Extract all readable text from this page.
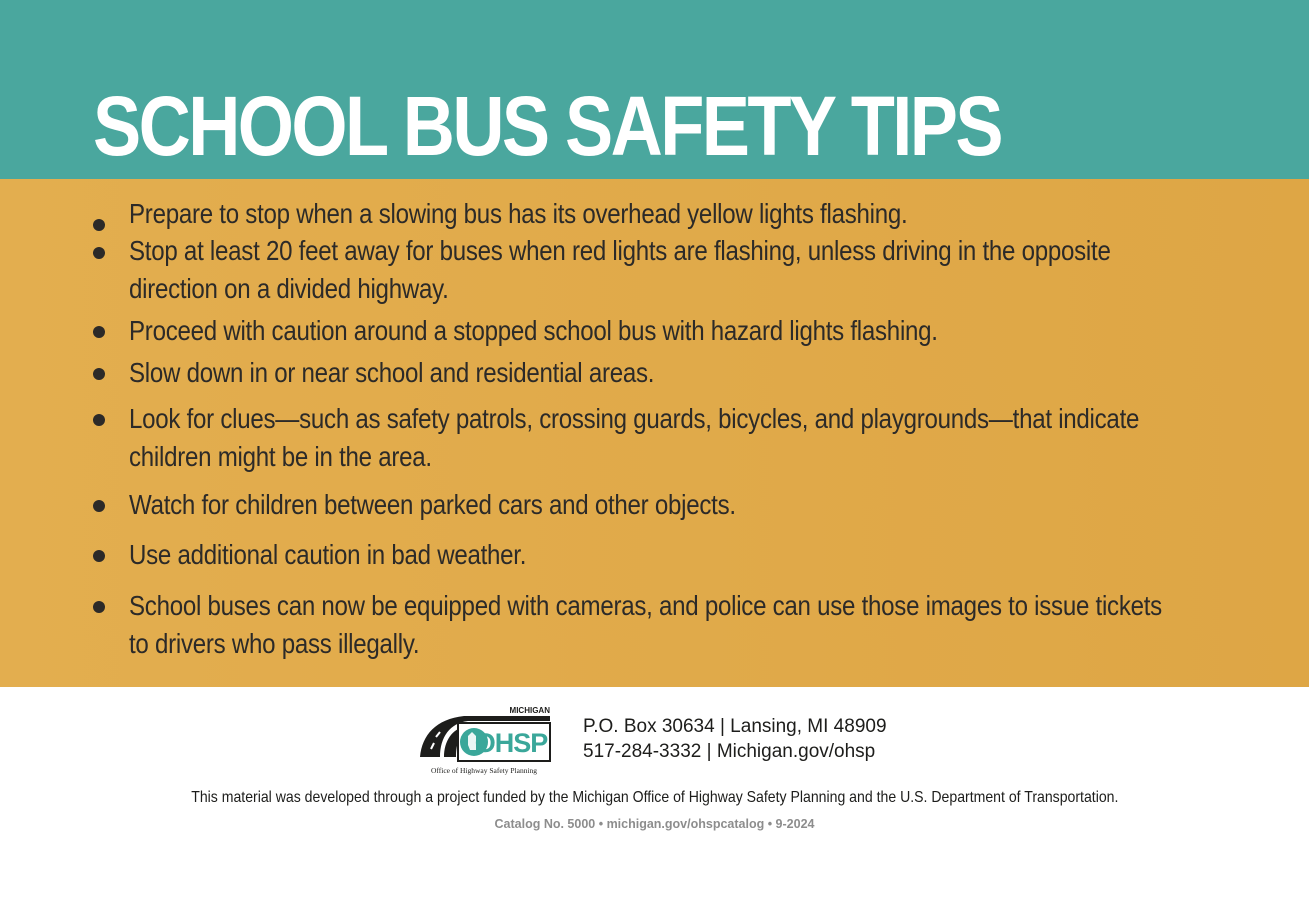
SCHOOL BUS SAFETY TIPS
Prepare to stop when a slowing bus has its overhead yellow lights flashing.
Stop at least 20 feet away for buses when red lights are flashing, unless driving in the opposite
direction on a divided highway.
Proceed with caution around a stopped school bus with hazard lights flashing.
Slow down in or near school and residential areas.
Look for clues—such as safety patrols, crossing guards, bicycles, and playgrounds—that indicate
children might be in the area.
Watch for children between parked cars and other objects.
Use additional caution in bad weather.
School buses can now be equipped with cameras, and police can use those images to issue tickets
to drivers who pass illegally.
MICHIGAN
OHSP
Office of Highway Safety Planning
P.O. Box 30634 | Lansing, MI 48909
517-284-3332 | Michigan.gov/ohsp
This material was developed through a project funded by the Michigan Office of Highway Safety Planning and the U.S. Department of Transportation.
Catalog No. 5000 • michigan.gov/ohspcatalog • 9-2024
